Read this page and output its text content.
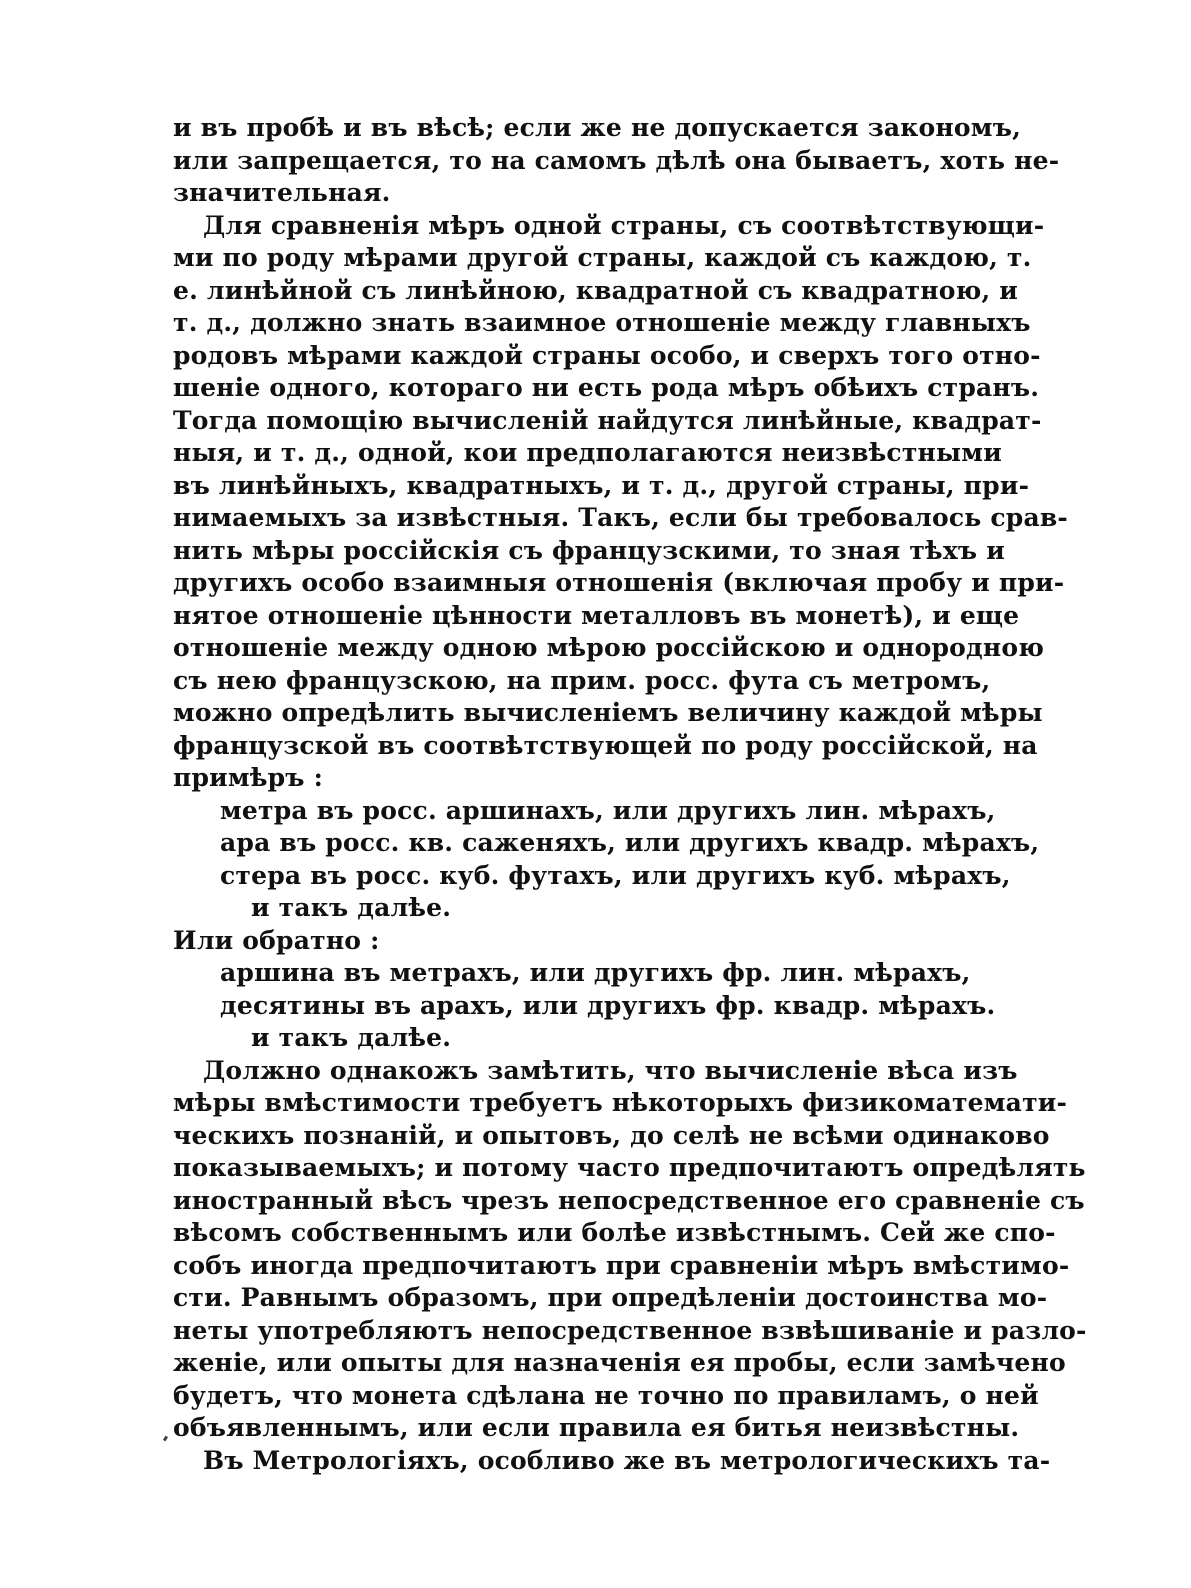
и въ пробѣ и въ вѣсѣ; если же не допускается закономъ,
или запрещается, то на самомъ дѣлѣ она бываетъ, хоть не-
значительная.
Для сравненія мѣръ одной страны, съ соотвѣтствующи-
ми по роду мѣрами другой страны, каждой съ каждою, т.
е. линѣйной съ линѣйною, квадратной съ квадратною, и
т. д., должно знать взаимное отношеніе между главныхъ
родовъ мѣрами каждой страны особо, и сверхъ того отно-
шеніе одного, котораго ни есть рода мѣръ обѣихъ странъ.
Тогда помощію вычисленій найдутся линѣйные, квадрат-
ныя, и т. д., одной, кои предполагаются неизвѣстными
въ линѣйныхъ, квадратныхъ, и т. д., другой страны, при-
нимаемыхъ за извѣстныя. Такъ, если бы требовалось срав-
нить мѣры россійскія съ французскими, то зная тѣхъ и
другихъ особо взаимныя отношенія (включая пробу и при-
нятое отношеніе цѣнности металловъ въ монетѣ), и еще
отношеніе между одною мѣрою россійскою и однородною
съ нею французскою, на прим. росс. фута съ метромъ,
можно опредѣлить вычисленіемъ величину каждой мѣры
французской въ соотвѣтствующей по роду россійской, на
примѣръ :
метра въ росс. аршинахъ, или другихъ лин. мѣрахъ,
ара въ росс. кв. саженяхъ, или другихъ квадр. мѣрахъ,
стера въ росс. куб. футахъ, или другихъ куб. мѣрахъ,
и такъ далѣе.
Или обратно :
аршина въ метрахъ, или другихъ фр. лин. мѣрахъ,
десятины въ арахъ, или другихъ фр. квадр. мѣрахъ.
и такъ далѣе.
Должно однакожъ замѣтить, что вычисленіе вѣса изъ
мѣры вмѣстимости требуетъ нѣкоторыхъ физикоматемати-
ческихъ познаній, и опытовъ, до селѣ не всѣми одинаково
показываемыхъ; и потому часто предпочитаютъ опредѣлять
иностранный вѣсъ чрезъ непосредственное его сравненіе съ
вѣсомъ собственнымъ или болѣе извѣстнымъ. Сей же спо-
собъ иногда предпочитаютъ при сравненіи мѣръ вмѣстимо-
сти. Равнымъ образомъ, при опредѣленіи достоинства мо-
неты употребляютъ непосредственное взвѣшиваніе и разло-
женіе, или опыты для назначенія ея пробы, если замѣчено
будетъ, что монета сдѣлана не точно по правиламъ, о ней
объявленнымъ, или если правила ея битья неизвѣстны.
Въ Метрологіяхъ, особливо же въ метрологическихъ та-
